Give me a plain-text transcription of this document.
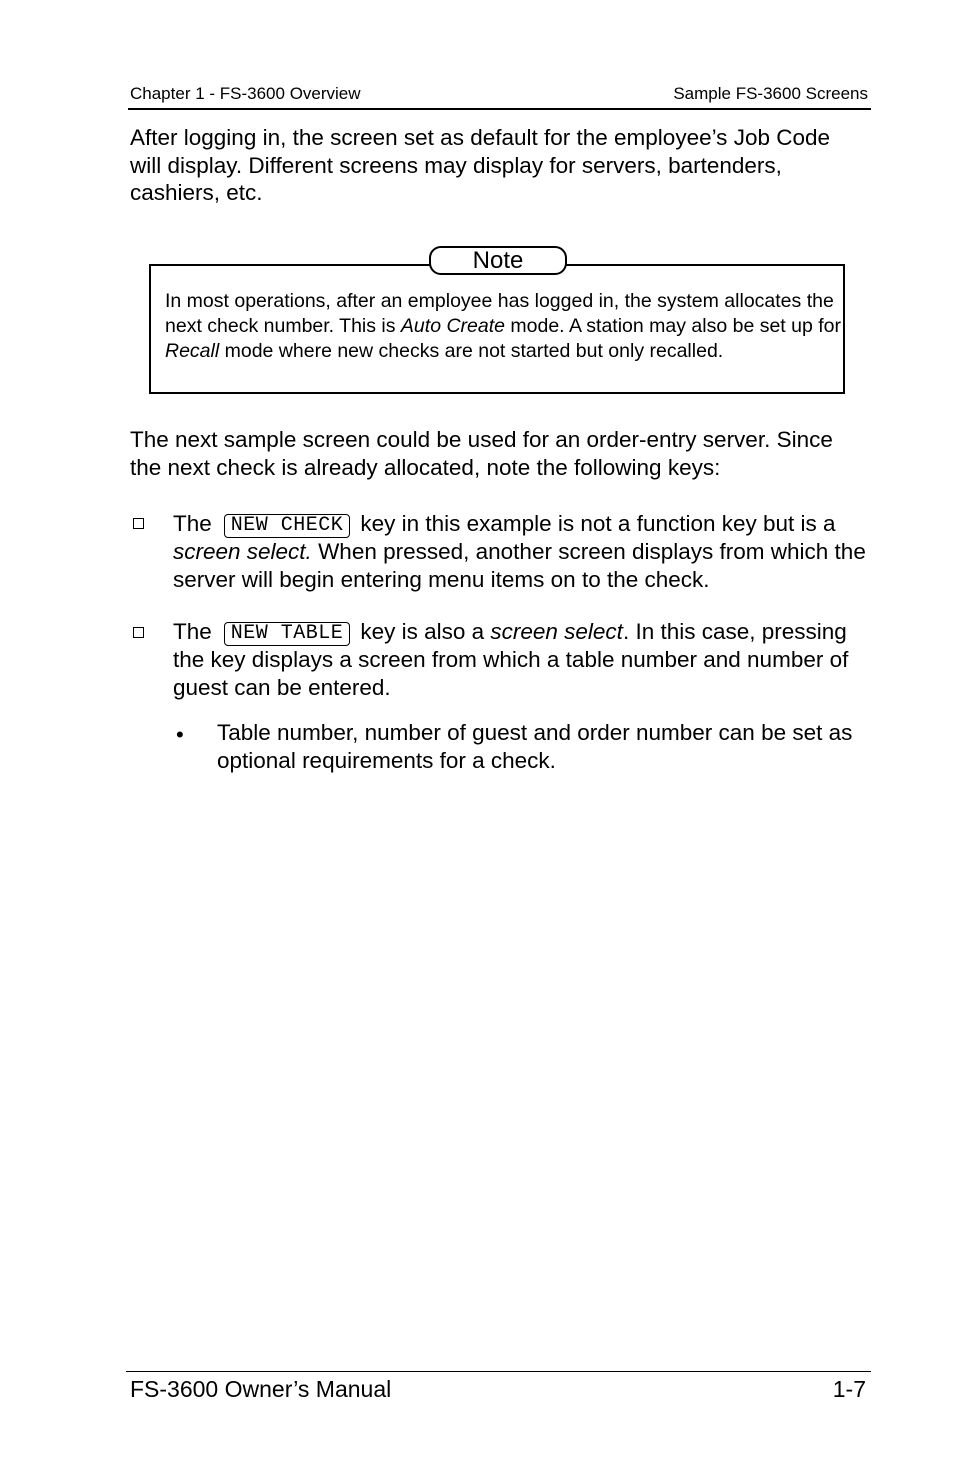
Chapter 1 - FS-3600 Overview	Sample FS-3600 Screens
After logging in, the screen set as default for the employee’s Job Code will display. Different screens may display for servers, bartenders, cashiers, etc.
Note
In most operations, after an employee has logged in, the system allocates the next check number. This is Auto Create mode. A station may also be set up for Recall mode where new checks are not started but only recalled.
The next sample screen could be used for an order-entry server. Since the next check is already allocated, note the following keys:
The NEW CHECK key in this example is not a function key but is a screen select. When pressed, another screen displays from which the server will begin entering menu items on to the check.
The NEW TABLE key is also a screen select. In this case, pressing the key displays a screen from which a table number and number of guest can be entered.
• Table number, number of guest and order number can be set as optional requirements for a check.
FS-3600 Owner’s Manual	1-7
